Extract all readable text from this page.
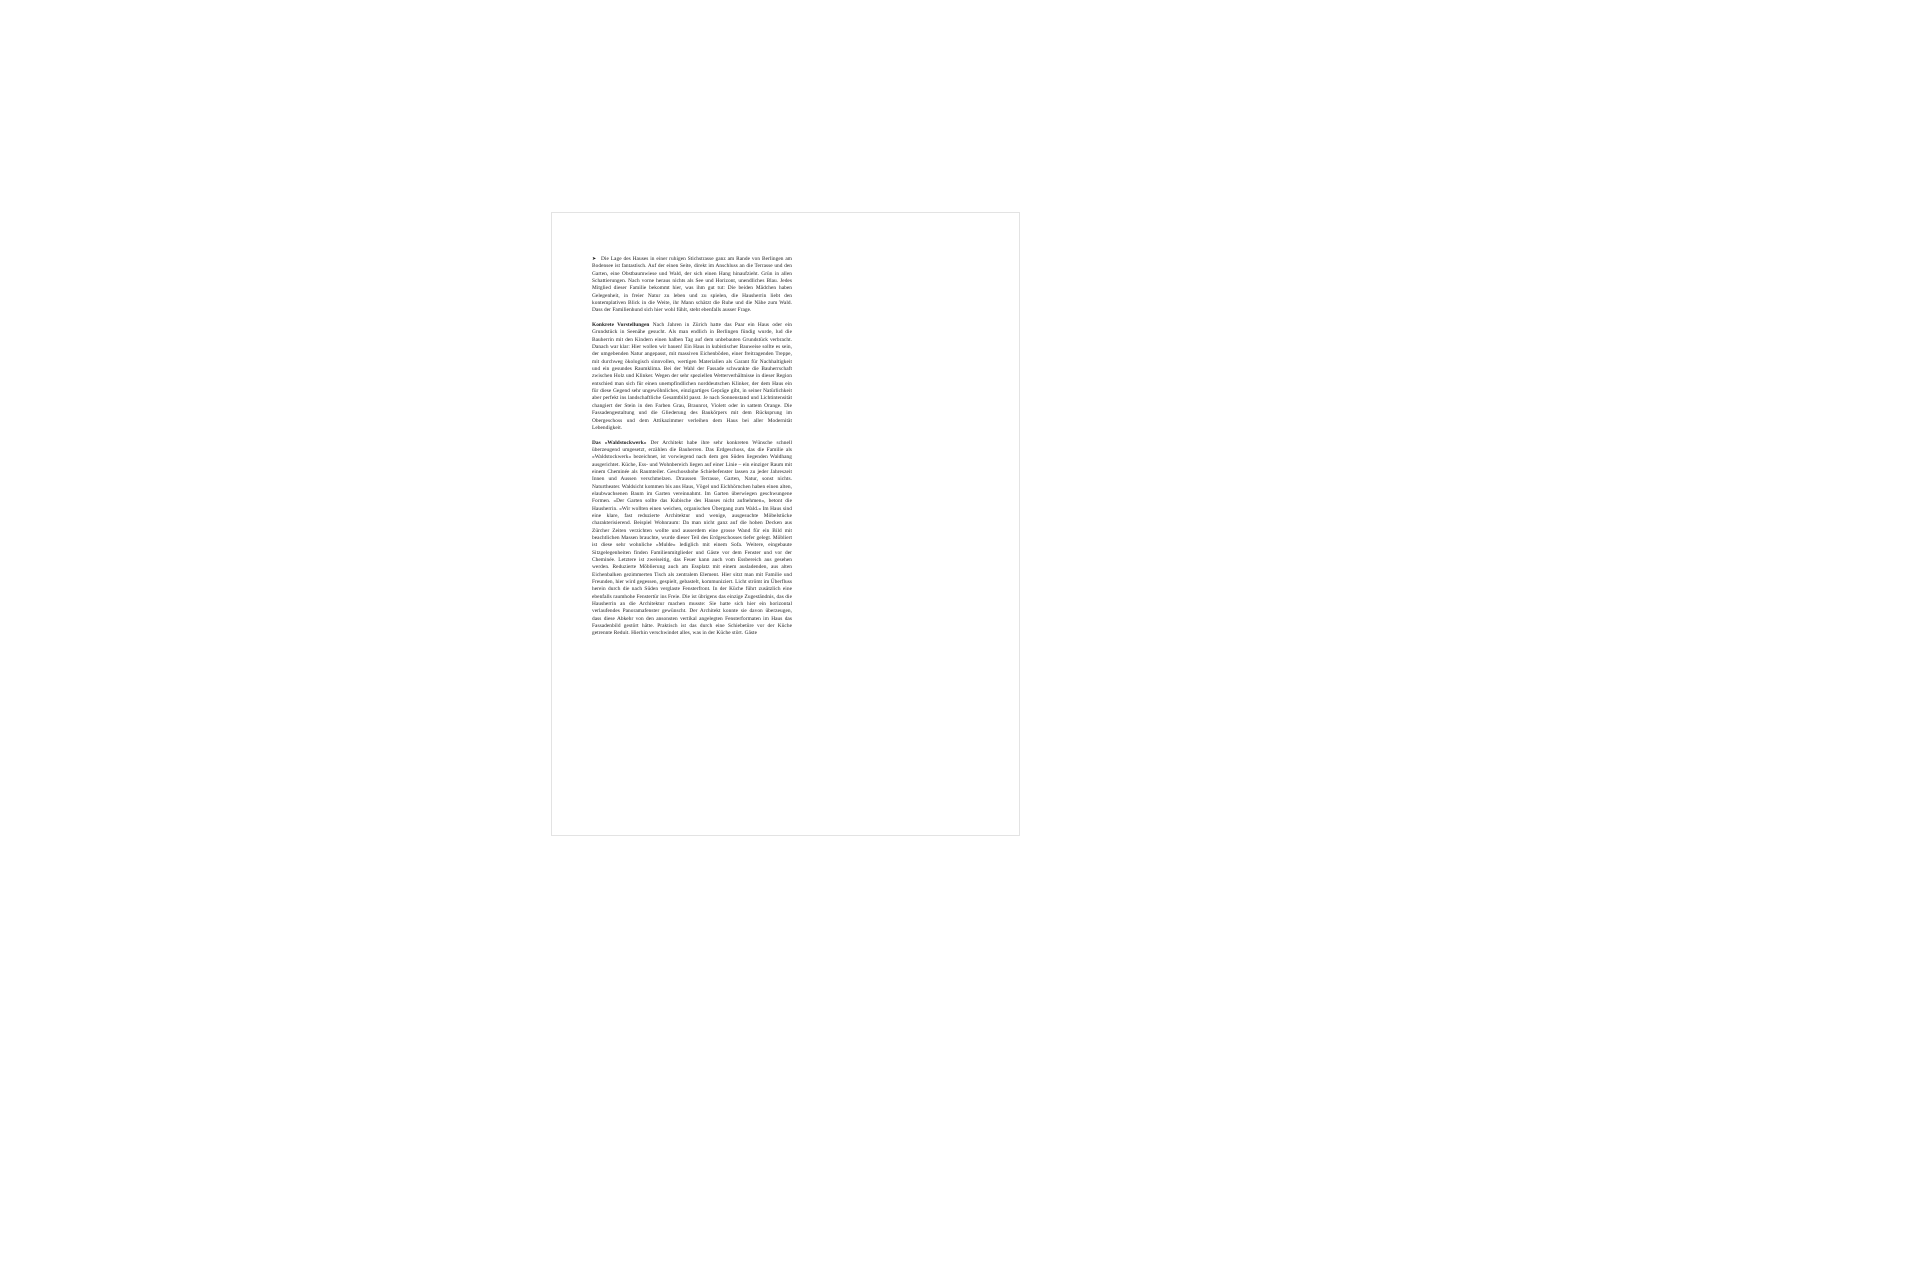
➤ Die Lage des Hauses in einer ruhigen Stichstrasse ganz am Rande von Berlingen am Bodensee ist fantastisch. Auf der einen Seite, direkt im Anschluss an die Terrasse und den Garten, eine Obstbaumwiese und Wald, der sich einen Hang hinaufzieht. Grün in allen Schattierungen. Nach vorne heraus nichts als See und Horizont, unendliches Blau. Jedes Mitglied dieser Familie bekommt hier, was ihm gut tut: Die beiden Mädchen haben Gelegenheit, in freier Natur zu leben und zu spielen, die Hausherrin liebt den kontemplativen Blick in die Weite, ihr Mann schätzt die Ruhe und die Nähe zum Wald. Dass der Familienhund sich hier wohl fühlt, steht ebenfalls ausser Frage.

Konkrete Vorstellungen Nach Jahren in Zürich hatte das Paar ein Haus oder ein Grundstück in Seenähe gesucht. Als man endlich in Berlingen fündig wurde, lud die Bauherrin mit den Kindern einen halben Tag auf dem unbebauten Grundstück verbracht. Danach war klar: Hier wollen wir bauen! Ein Haus in kubistischer Bauweise sollte es sein, der umgebenden Natur angepasst, mit massiven Eichenböden, einer freitragenden Treppe, mit durchweg ökologisch sinnvollen, wertigen Materialien als Garant für Nachhaltigkeit und ein gesundes Raumklima. Bei der Wahl der Fassade schwankte die Bauherrschaft zwischen Holz und Klinker. Wegen der sehr speziellen Wetterverhältnisse in dieser Region entschied man sich für einen unempfindlichen norddeutschen Klinker, der dem Haus ein für diese Gegend sehr ungewöhnliches, einzigartiges Gepräge gibt, in seiner Natürlichkeit aber perfekt ins landschaftliche Gesamtbild passt. Je nach Sonnenstand und Lichtintensität changiert der Stein in den Farben Grau, Braunrot, Violett oder in sattem Orange. Die Fassadengestaltung und die Gliederung des Baukörpers mit dem Rücksprung im Obergeschoss und dem Attikazimmer verleihen dem Haus bei aller Modernität Lebendigkeit.

Das «Waldstockwerk» Der Architekt habe ihre sehr konkreten Wünsche schnell überzeugend umgesetzt, erzählen die Bauherren. Das Erdgeschoss, das die Familie als «Waldstockwerk» bezeichnet, ist vorwiegend nach dem gen Süden liegenden Waldhang ausgerichtet. Küche, Ess- und Wohnbereich liegen auf einer Linie – ein einziger Raum mit einem Cheminée als Raumteiler. Geschosshohe Schiebefenster lassen zu jeder Jahreszeit Innen und Aussen verschmelzen. Draussen Terrasse, Garten, Natur, sonst nichts. Naturtheater. Waldsicht kommen bis ans Haus, Vögel und Eichhörnchen haben einen alten, elaubwachsenen Baum im Garten vereinnahmt. Im Garten überwiegen geschwungene Formen. «Der Garten sollte das Kubische des Hauses nicht aufnehmen», betont die Hausherrin. «Wir wollten einen weichen, organischen Übergang zum Wald.» Im Haus sind eine klare, fast reduzierte Architektur und wenige, ausgesuchte Möbelstücke charakterisierend. Beispiel Wohnraum: Da man nicht ganz auf die hohen Decken aus Zürcher Zeiten verzichten wollte und ausserdem eine grosse Wand für ein Bild mit beachtlichen Massen brauchte, wurde dieser Teil des Erdgeschosses tiefer gelegt. Möbliert ist diese sehr wohnliche «Mulde» lediglich mit einem Sofa. Weitere, eingebaute Sitzgelegenheiten finden Familienmitglieder und Gäste vor dem Fenster und vor der Cheminée. Letztere ist zweiseitig, das Feuer kann auch vom Essbereich aus gesehen werden. Reduzierte Möblierung auch am Essplatz mit einem ausladenden, aus alten Eichenbalken gezimmerten Tisch als zentralem Element. Hier sitzt man mit Familie und Freunden, hier wird gegessen, gespielt, gebastelt, kommuniziert. Licht strömt im Überfluss herein durch die nach Süden verglaste Fensterfront. In der Küche führt zusätzlich eine ebenfalls raumhohe Fenstertür ins Freie. Die ist übrigens das einzige Zugeständnis, das die Hausherrin an die Architektur machen musste: Sie hatte sich hier ein horizontal verlaufendes Panoramafenster gewünscht. Der Architekt konnte sie davon überzeugen, dass diese Abkehr von den ansonsten vertikal angelegten Fensterformaten im Haus das Fassadenbild gestört hätte. Praktisch ist das durch eine Schiebetüre vor der Küche getrennte Reduit. Hierhin verschwindet alles, was in der Küche stört. Gäste
